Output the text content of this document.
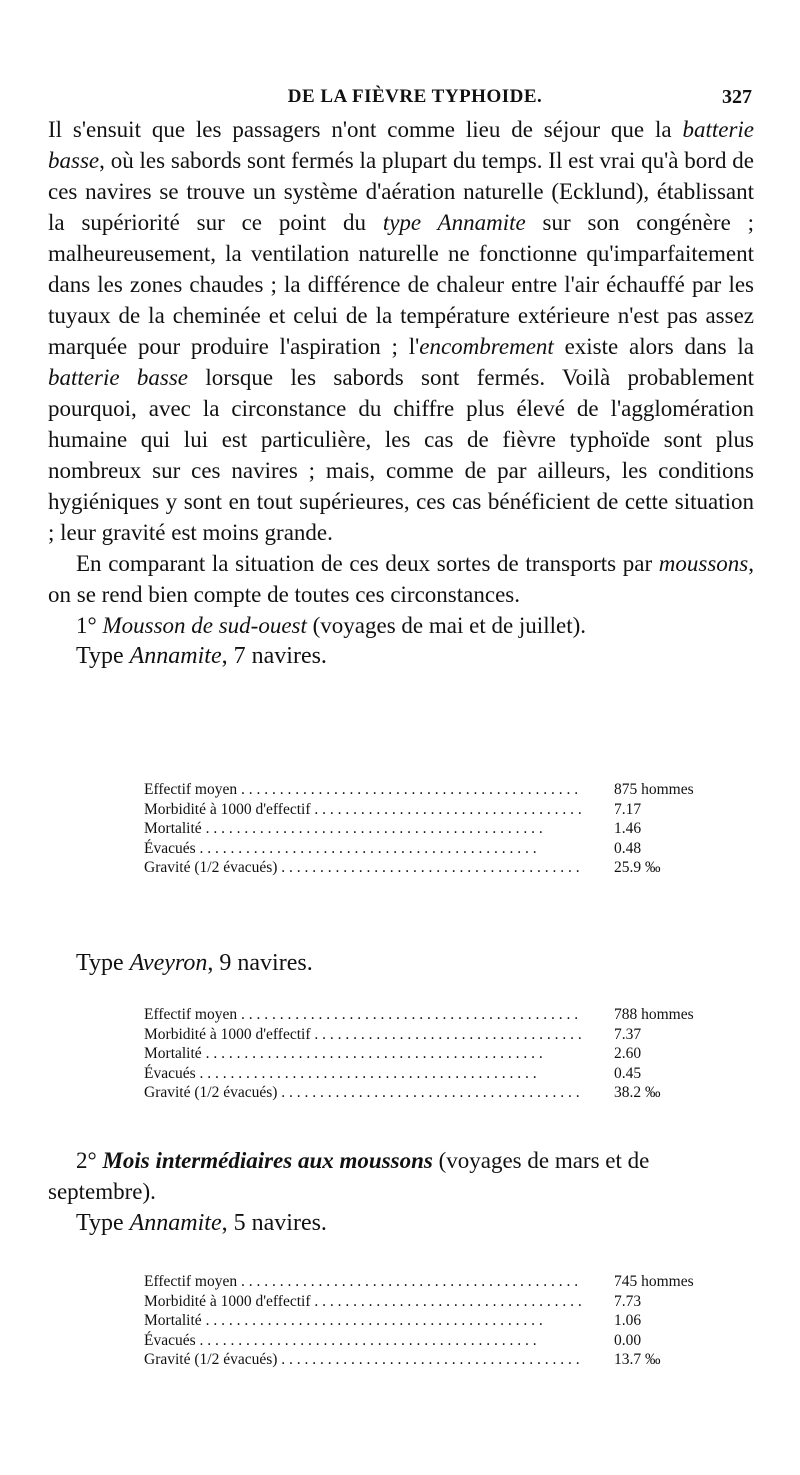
DE LA FIÈVRE TYPHOIDE.	327

Il s'ensuit que les passagers n'ont comme lieu de séjour que la batterie basse, où les sabords sont fermés la plupart du temps. Il est vrai qu'à bord de ces navires se trouve un système d'aération naturelle (Ecklund), établissant la supériorité sur ce point du type Annamite sur son congénère ; malheureusement, la ventilation naturelle ne fonctionne qu'imparfaitement dans les zones chaudes ; la différence de chaleur entre l'air échauffé par les tuyaux de la cheminée et celui de la température extérieure n'est pas assez marquée pour produire l'aspiration ; l'encombrement existe alors dans la batterie basse lorsque les sabords sont fermés. Voilà probablement pourquoi, avec la circonstance du chiffre plus élevé de l'agglomération humaine qui lui est particulière, les cas de fièvre typhoïde sont plus nombreux sur ces navires ; mais, comme de par ailleurs, les conditions hygiéniques y sont en tout supérieures, ces cas bénéficient de cette situation ; leur gravité est moins grande.

En comparant la situation de ces deux sortes de transports par moussons, on se rend bien compte de toutes ces circonstances.

1° Mousson de sud-ouest (voyages de mai et de juillet).

Type Annamite, 7 navires.

Effectif moyen . . .	875 hommes
Morbidité à 1000 d'effectif . . .	7.17
Mortalité . . .	1.46
Évacués . . .	0.48
Gravité (1/2 évacués) . . .	25.9 ‰
Type Aveyron, 9 navires.
Effectif moyen . . .	788 hommes
Morbidité à 1000 d'effectif . . .	7.37
Mortalité . . .	2.60
Évacués . . .	0.45
Gravité (1/2 évacués) . . .	38.2 ‰
2° Mois intermédiaires aux moussons (voyages de mars et de septembre).
Type Annamite, 5 navires.
Effectif moyen . . .	745 hommes
Morbidité à 1000 d'effectif . . .	7.73
Mortalité . . .	1.06
Évacués . . .	0.00
Gravité (1/2 évacués) . . .	13.7 ‰
